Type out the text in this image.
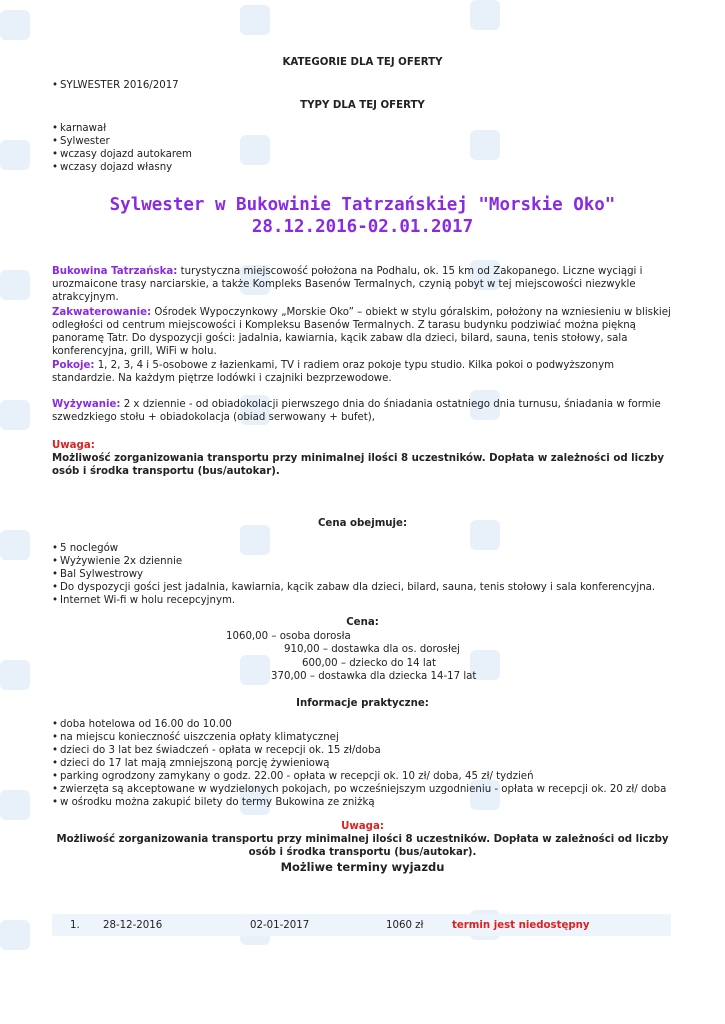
KATEGORIE DLA TEJ OFERTY
• SYLWESTER 2016/2017
TYPY DLA TEJ OFERTY
• karnawał
• Sylwester
• wczasy dojazd autokarem
• wczasy dojazd własny
Sylwester w Bukowinie Tatrzańskiej "Morskie Oko"
28.12.2016-02.01.2017

Bukowina Tatrzańska: turystyczna miejscowość położona na Podhalu, ok. 15 km od Zakopanego. Liczne wyciągi i urozmaicone trasy narciarskie, a także Kompleks Basenów Termalnych, czynią pobyt w tej miejscowości niezwykle atrakcyjnym.

Zakwaterowanie: Ośrodek Wypoczynkowy „Morskie Oko” – obiekt w stylu góralskim, położony na wzniesieniu w bliskiej odległości od centrum miejscowości i Kompleksu Basenów Termalnych. Z tarasu budynku podziwiać można piękną panoramę Tatr. Do dyspozycji gości: jadalnia, kawiarnia, kącik zabaw dla dzieci, bilard, sauna, tenis stołowy, sala konferencyjna, grill, WiFi w holu.

Pokoje: 1, 2, 3, 4 i 5-osobowe z łazienkami, TV i radiem oraz pokoje typu studio. Kilka pokoi o podwyższonym standardzie. Na każdym piętrze lodówki i czajniki bezprzewodowe.

Wyżywanie: 2 x dziennie - od obiadokolacji pierwszego dnia do śniadania ostatniego dnia turnusu, śniadania w formie szwedzkiego stołu + obiadokolacja (obiad serwowany + bufet),

Uwaga:
Możliwość zorganizowania transportu przy minimalnej ilości 8 uczestników. Dopłata w zależności od liczby osób i środka transportu (bus/autokar).
Cena obejmuje:
• 5 noclegów
• Wyżywienie 2x dziennie
• Bal Sylwestrowy
• Do dyspozycji gości jest jadalnia, kawiarnia, kącik zabaw dla dzieci, bilard, sauna, tenis stołowy i sala konferencyjna.
• Internet Wi-fi w holu recepcyjnym.
Cena:
1060,00 – osoba dorosła
910,00 – dostawka dla os. dorosłej
600,00 – dziecko do 14 lat
370,00 – dostawka dla dziecka 14-17 lat
Informacje praktyczne:
• doba hotelowa od 16.00 do 10.00
• na miejscu konieczność uiszczenia opłaty klimatycznej
• dzieci do 3 lat bez świadczeń - opłata w recepcji ok. 15 zł/doba
• dzieci do 17 lat mają zmniejszoną porcję żywieniową
• parking ogrodzony zamykany o godz. 22.00 - opłata w recepcji ok. 10 zł/ doba, 45 zł/ tydzień
• zwierzęta są akceptowane w wydzielonych pokojach, po wcześniejszym uzgodnieniu - opłata w recepcji ok. 20 zł/ doba
• w ośrodku można zakupić bilety do termy Bukowina ze zniżką
Uwaga:
Możliwość zorganizowania transportu przy minimalnej ilości 8 uczestników. Dopłata w zależności od liczby osób i środka transportu (bus/autokar).
Możliwe terminy wyjazdu
1. 28-12-2016	02-01-2017	1060 zł	termin jest niedostępny
